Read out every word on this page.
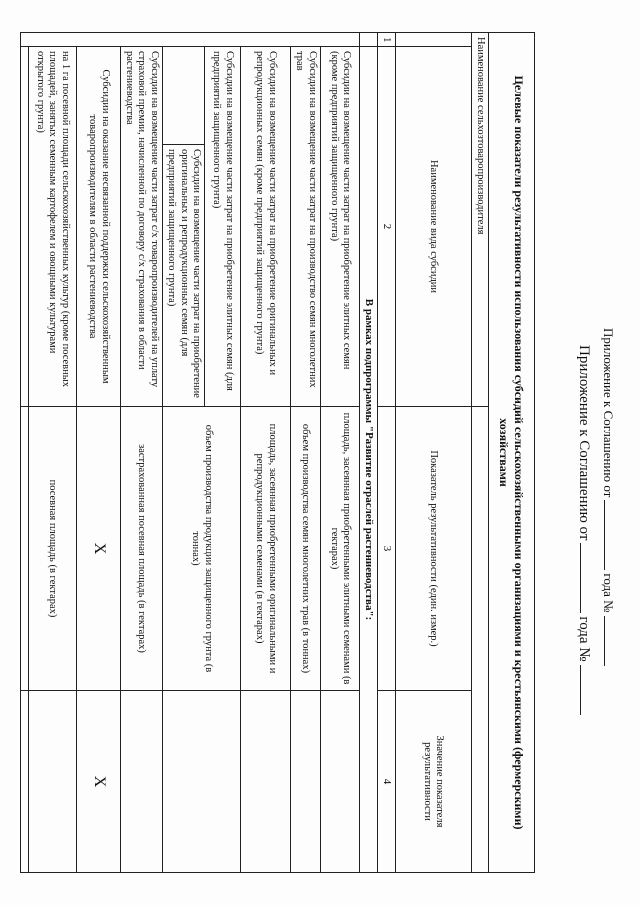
Приложение к Соглашению отгода №
Приложение к Соглашению отгода №
Целевые показатели результативности использования субсидий сельскохозяйственными организациями и крестьянскими (фермерскими) хозяйствами				
Наименование сельхозтоваропроизводителя				
	Наименование вида субсидии		Показатель результативности (един. измер.)	Значение показателя результативности
1	2		3	4
	В рамках подпрограммы "Развитие отраслей растениеводства":			
	Субсидии на возмещение части затрат на приобретение элитных семян (кроме предприятий защищенного грунта)		площадь, засеянная приобретенными элитными семенами (в гектарах)	
	Субсидии на возмещение части затрат на производство семян многолетних трав		объем производства семян многолетних трав (в тоннах)	
	Субсидии на возмещение части затрат на приобретение оригинальных и репродукционных семян (кроме предприятий защищенного грунта)		площадь, засеянная приобретенными оригинальными и репродукционными семенами (в гектарах)	
	Субсидии на возмещение части затрат на приобретение элитных семян (для предприятий защищенного грунта)		объем производства продукции защищенного грунта (в тоннах)	
		Субсидии на возмещение части затрат на приобретение оригинальных и репродукционных семян (для предприятий защищенного грунта)		
	Субсидии на возмещение части затрат с/х товаропроизводителей на уплату страховой премии, начисленной по договору с/х страхования в области растениеводства		застрахованная посевная площадь (в гектарах)	
	Субсидии на оказание несвязанной поддержки сельскохозяйственным товаропроизводителям в области растениеводства		Х	Х
	на 1 га посевной площади сельскохозяйственных культур (кроме посевных площадей, занятых семенным картофелем и овощными культурами открытого грунта)		посевная площадь (в гектарах)	
